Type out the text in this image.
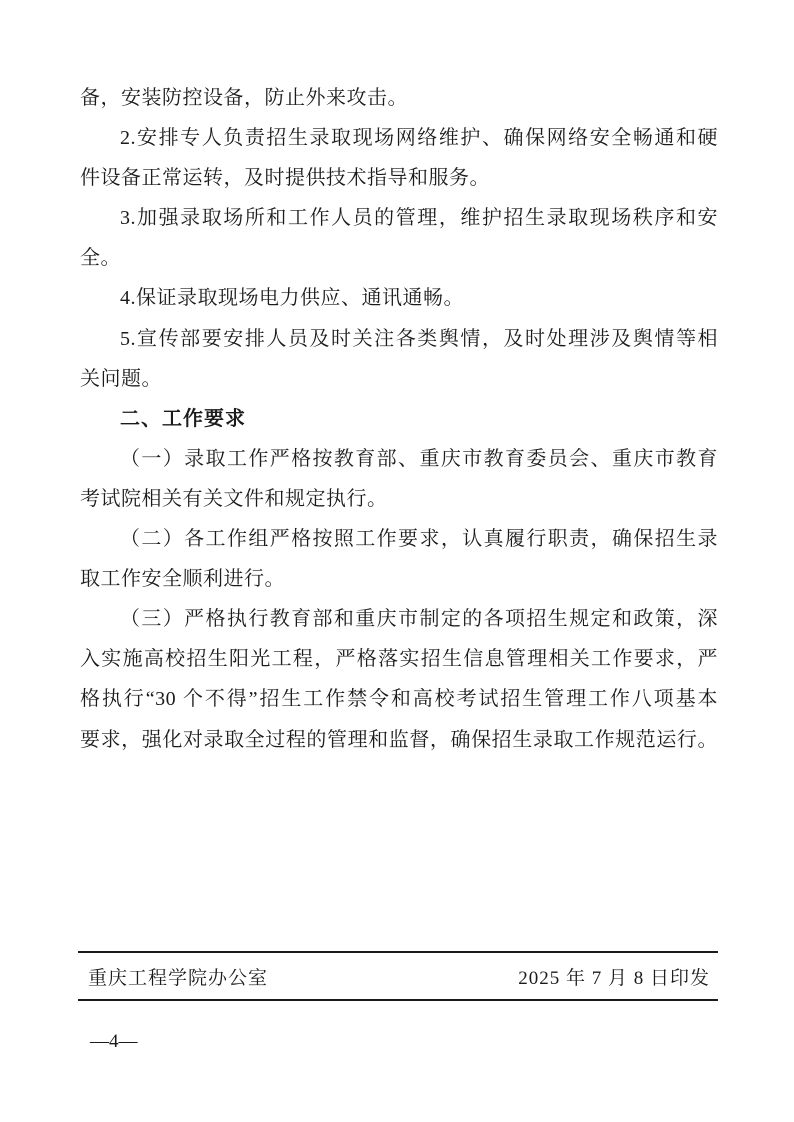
备，安装防控设备，防止外来攻击。
2.安排专人负责招生录取现场网络维护、确保网络安全畅通和硬
件设备正常运转，及时提供技术指导和服务。
3.加强录取场所和工作人员的管理，维护招生录取现场秩序和安
全。
4.保证录取现场电力供应、通讯通畅。
5.宣传部要安排人员及时关注各类舆情，及时处理涉及舆情等相
关问题。
二、工作要求
（一）录取工作严格按教育部、重庆市教育委员会、重庆市教育
考试院相关有关文件和规定执行。
（二）各工作组严格按照工作要求，认真履行职责，确保招生录
取工作安全顺利进行。
（三）严格执行教育部和重庆市制定的各项招生规定和政策，深
入实施高校招生阳光工程，严格落实招生信息管理相关工作要求，严
格执行“30 个不得”招生工作禁令和高校考试招生管理工作八项基本
要求，强化对录取全过程的管理和监督，确保招生录取工作规范运行。
重庆工程学院办公室	2025 年 7 月 8 日印发
—4—
